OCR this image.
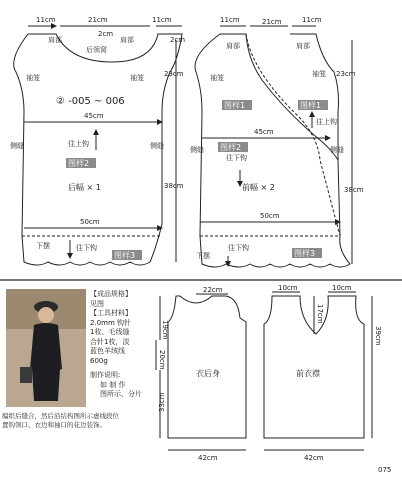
11cm	21cm	11cm
肩部	肩部
2cm
2cm
后领窝
袖笼	袖笼	23cm
② -005 ~ 006
45cm
往上钩
侧缝	侧缝
图样2
后幅 × 1	38cm
50cm
下摆	往下钩
图样3
11cm	21cm	11cm
肩部	肩部
袖笼	袖笼 23cm
图样1	图样1
往上钩
45cm
图样2
侧缝	侧缝
往下钩
前幅 × 2	38cm
50cm
往下钩
下摆	图样3
22cm
19cm
20cm
33cm
衣后身
42cm
10cm	10cm
17cm
39cm
前衣襟
42cm
【成品规格】
见图
【工具材料】
2.0mm 钩针
1枚、毛线缝
合针1枚，淡
蓝色羊绒线
600g
制作说明:
如 制 作
图所示，分片
编织后缝合，然后沿结构图所示虚线段位
置钩领口、衣边和袖口的花边装饰。
075
